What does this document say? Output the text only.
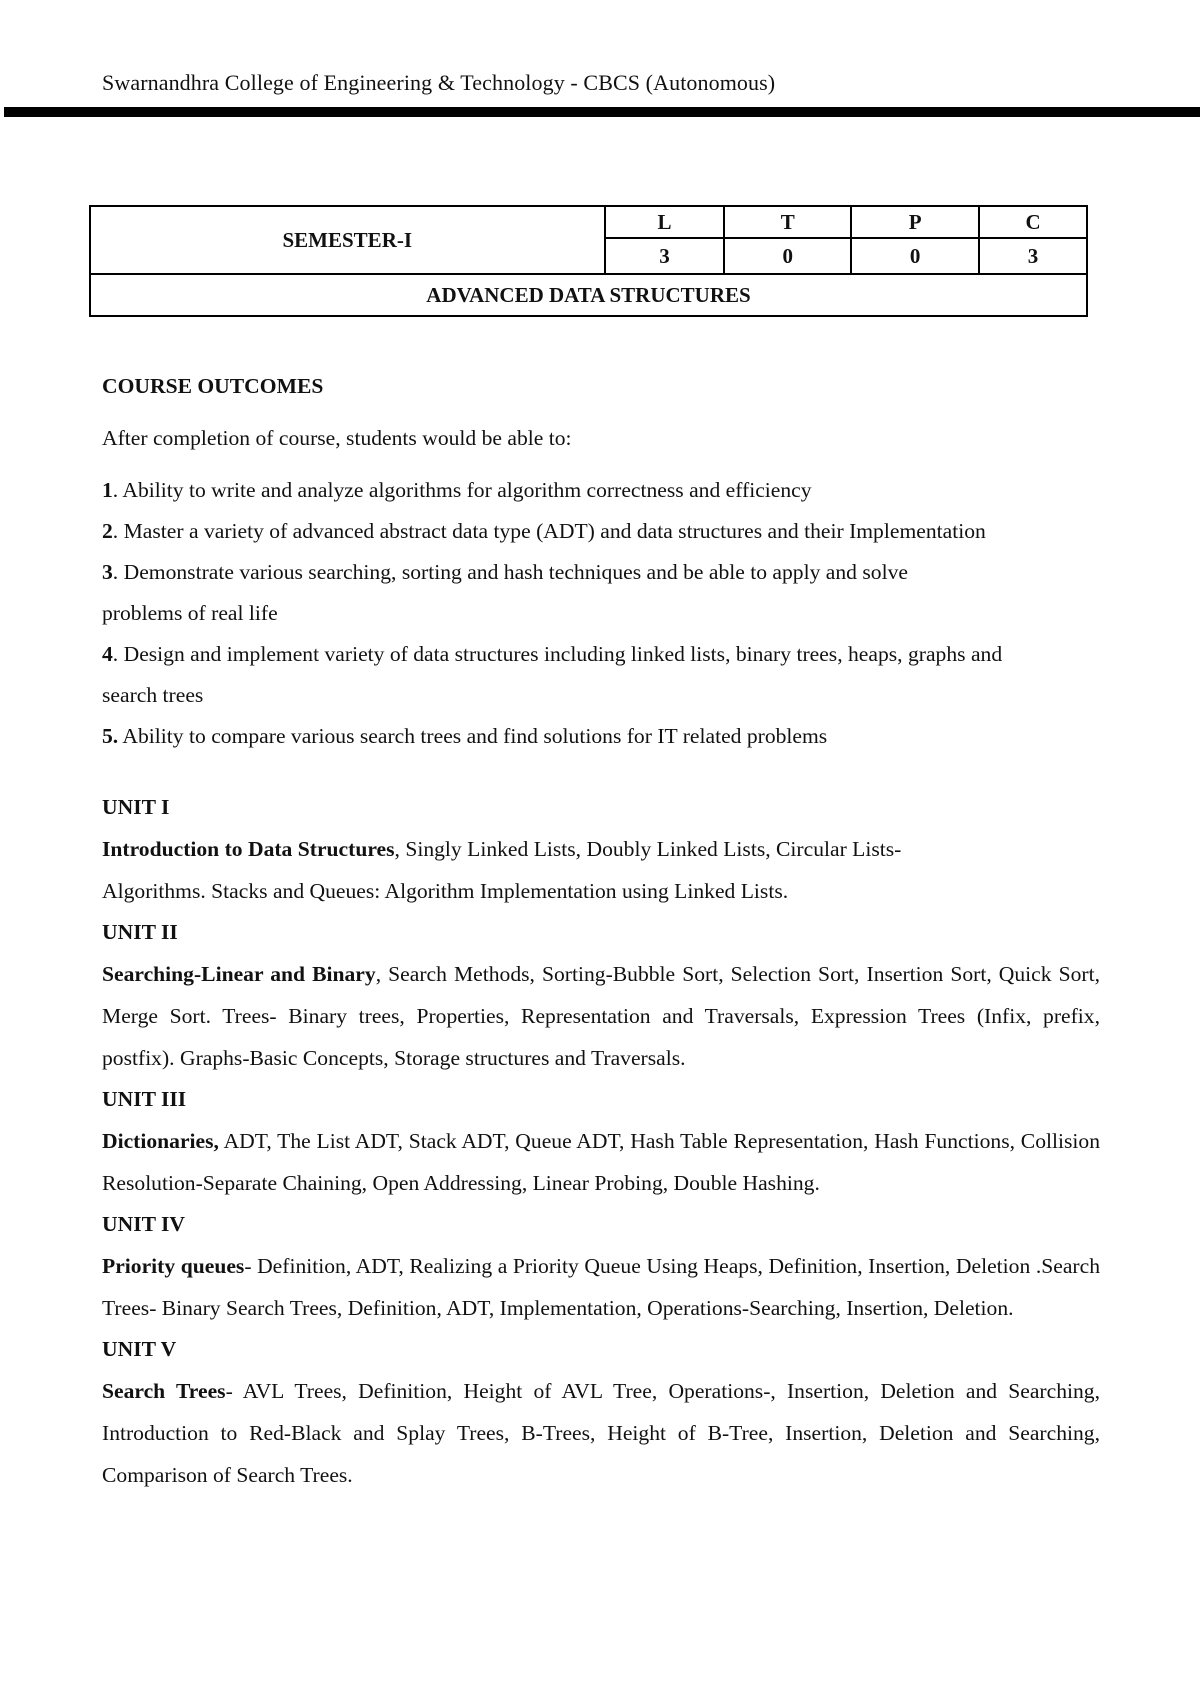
Swarnandhra College of Engineering & Technology - CBCS (Autonomous)
SEMESTER-I	L	T	P	C
	3	0	0	3
ADVANCED DATA STRUCTURES				

COURSE OUTCOMES

After completion of course, students would be able to:

1. Ability to write and analyze algorithms for algorithm correctness and efficiency

2. Master a variety of advanced abstract data type (ADT) and data structures and their Implementation

3. Demonstrate various searching, sorting and hash techniques and be able to apply and solve problems of real life

4. Design and implement variety of data structures including linked lists, binary trees, heaps, graphs and search trees

5. Ability to compare various search trees and find solutions for IT related problems

UNIT I

Introduction to Data Structures, Singly Linked Lists, Doubly Linked Lists, Circular Lists-Algorithms. Stacks and Queues: Algorithm Implementation using Linked Lists.

UNIT II

Searching-Linear and Binary, Search Methods, Sorting-Bubble Sort, Selection Sort, Insertion Sort, Quick Sort, Merge Sort. Trees- Binary trees, Properties, Representation and Traversals, Expression Trees (Infix, prefix, postfix). Graphs-Basic Concepts, Storage structures and Traversals.

UNIT III

Dictionaries, ADT, The List ADT, Stack ADT, Queue ADT, Hash Table Representation, Hash Functions, Collision Resolution-Separate Chaining, Open Addressing, Linear Probing, Double Hashing.

UNIT IV

Priority queues- Definition, ADT, Realizing a Priority Queue Using Heaps, Definition, Insertion, Deletion .Search Trees- Binary Search Trees, Definition, ADT, Implementation, Operations-Searching, Insertion, Deletion.

UNIT V

Search Trees- AVL Trees, Definition, Height of AVL Tree, Operations-, Insertion, Deletion and Searching, Introduction to Red-Black and Splay Trees, B-Trees, Height of B-Tree, Insertion, Deletion and Searching, Comparison of Search Trees.
